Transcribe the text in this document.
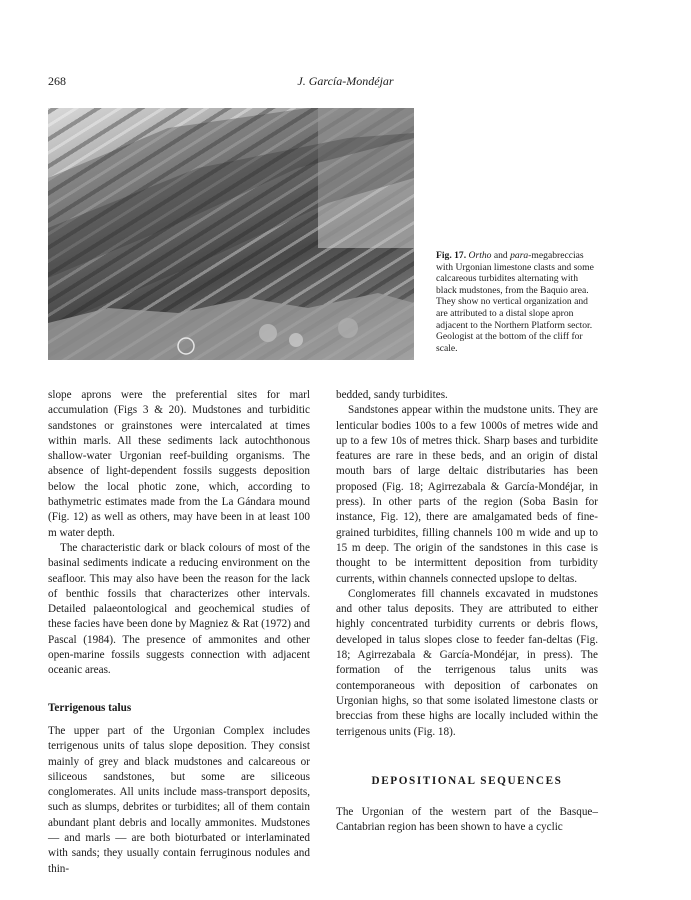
268	J. García-Mondéjar
Fig. 17. Ortho and para-megabreccias with Urgonian limestone clasts and some calcareous turbidites alternating with black mudstones, from the Baquio area. They show no vertical organization and are attributed to a distal slope apron adjacent to the Northern Platform sector. Geologist at the bottom of the cliff for scale.

slope aprons were the preferential sites for marl accumulation (Figs 3 & 20). Mudstones and turbiditic sandstones or grainstones were intercalated at times within marls. All these sediments lack autochthonous shallow-water Urgonian reef-building organisms. The absence of light-dependent fossils suggests deposition below the local photic zone, which, according to bathymetric estimates made from the La Gándara mound (Fig. 12) as well as others, may have been in at least 100 m water depth.

The characteristic dark or black colours of most of the basinal sediments indicate a reducing environment on the seafloor. This may also have been the reason for the lack of benthic fossils that characterizes other intervals. Detailed palaeontological and geochemical studies of these facies have been done by Magniez & Rat (1972) and Pascal (1984). The presence of ammonites and other open-marine fossils suggests connection with adjacent oceanic areas.

Terrigenous talus

The upper part of the Urgonian Complex includes terrigenous units of talus slope deposition. They consist mainly of grey and black mudstones and calcareous or siliceous sandstones, but some are siliceous conglomerates. All units include mass-transport deposits, such as slumps, debrites or turbidites; all of them contain abundant plant debris and locally ammonites. Mudstones — and marls — are both bioturbated or interlaminated with sands; they usually contain ferruginous nodules and thin-

bedded, sandy turbidites.

Sandstones appear within the mudstone units. They are lenticular bodies 100s to a few 1000s of metres wide and up to a few 10s of metres thick. Sharp bases and turbidite features are rare in these beds, and an origin of distal mouth bars of large deltaic distributaries has been proposed (Fig. 18; Agirrezabala & García-Mondéjar, in press). In other parts of the region (Soba Basin for instance, Fig. 12), there are amalgamated beds of fine-grained turbidites, filling channels 100 m wide and up to 15 m deep. The origin of the sandstones in this case is thought to be intermittent deposition from turbidity currents, within channels connected upslope to deltas.

Conglomerates fill channels excavated in mudstones and other talus deposits. They are attributed to either highly concentrated turbidity currents or debris flows, developed in talus slopes close to feeder fan-deltas (Fig. 18; Agirrezabala & García-Mondéjar, in press). The formation of the terrigenous talus units was contemporaneous with deposition of carbonates on Urgonian highs, so that some isolated limestone clasts or breccias from these highs are locally included within the terrigenous units (Fig. 18).

DEPOSITIONAL SEQUENCES

The Urgonian of the western part of the Basque–Cantabrian region has been shown to have a cyclic
